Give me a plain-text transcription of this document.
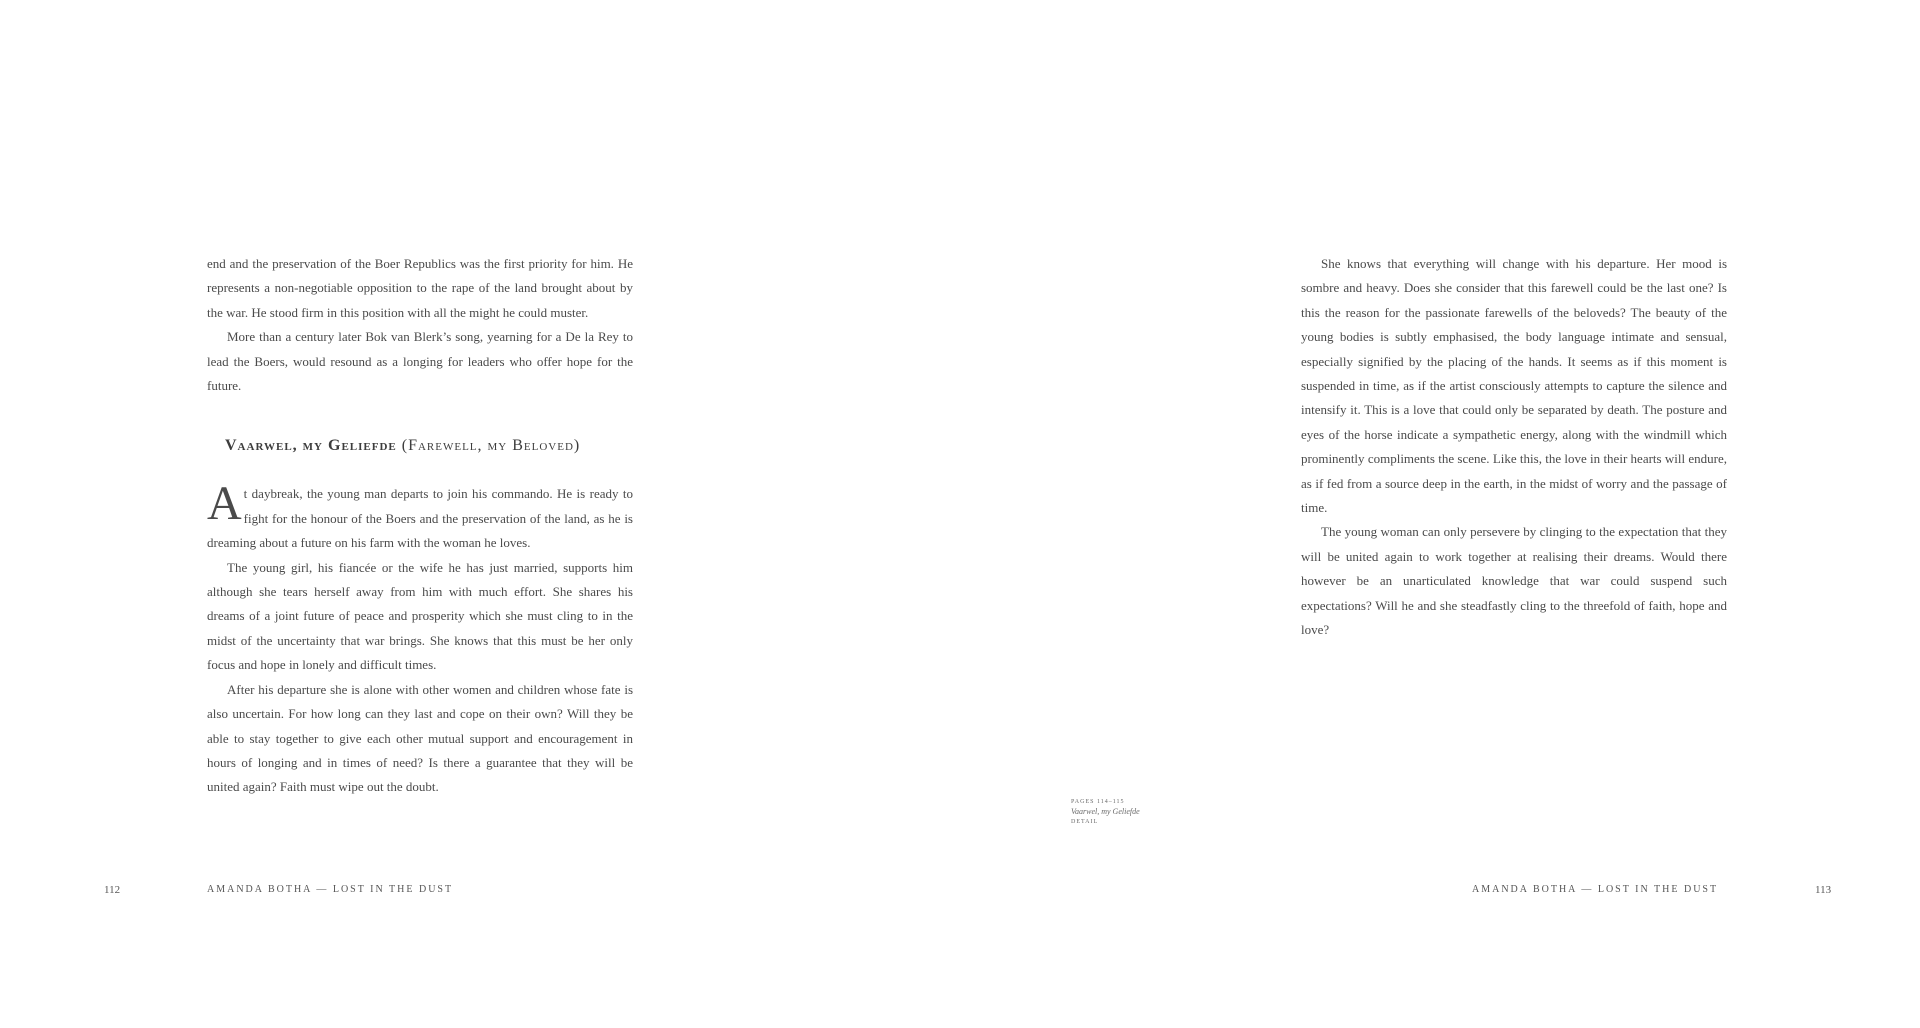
end and the preservation of the Boer Republics was the first priority for him. He represents a non-negotiable opposition to the rape of the land brought about by the war. He stood firm in this position with all the might he could muster.

More than a century later Bok van Blerk’s song, yearning for a De la Rey to lead the Boers, would resound as a longing for leaders who offer hope for the future.

Vaarwel, my Geliefde (Farewell, my Beloved)

At daybreak, the young man departs to join his commando. He is ready to fight for the honour of the Boers and the preservation of the land, as he is dreaming about a future on his farm with the woman he loves.

The young girl, his fiancée or the wife he has just married, supports him although she tears herself away from him with much effort. She shares his dreams of a joint future of peace and prosperity which she must cling to in the midst of the uncertainty that war brings. She knows that this must be her only focus and hope in lonely and difficult times.

After his departure she is alone with other women and children whose fate is also uncertain. For how long can they last and cope on their own? Will they be able to stay together to give each other mutual support and encouragement in hours of longing and in times of need? Is there a guarantee that they will be united again? Faith must wipe out the doubt.

112	AMANDA BOTHA — LOST IN THE DUST
PAGES 114–115
Vaarwel, my Geliefde
DETAIL

She knows that everything will change with his departure. Her mood is sombre and heavy. Does she consider that this farewell could be the last one? Is this the reason for the passionate farewells of the beloveds? The beauty of the young bodies is subtly emphasised, the body language intimate and sensual, especially signified by the placing of the hands. It seems as if this moment is suspended in time, as if the artist consciously attempts to capture the silence and intensify it. This is a love that could only be separated by death. The posture and eyes of the horse indicate a sympathetic energy, along with the windmill which prominently compliments the scene. Like this, the love in their hearts will endure, as if fed from a source deep in the earth, in the midst of worry and the passage of time.

The young woman can only persevere by clinging to the expectation that they will be united again to work together at realising their dreams. Would there however be an unarticulated knowledge that war could suspend such expectations? Will he and she steadfastly cling to the threefold of faith, hope and love?

AMANDA BOTHA — LOST IN THE DUST	113
